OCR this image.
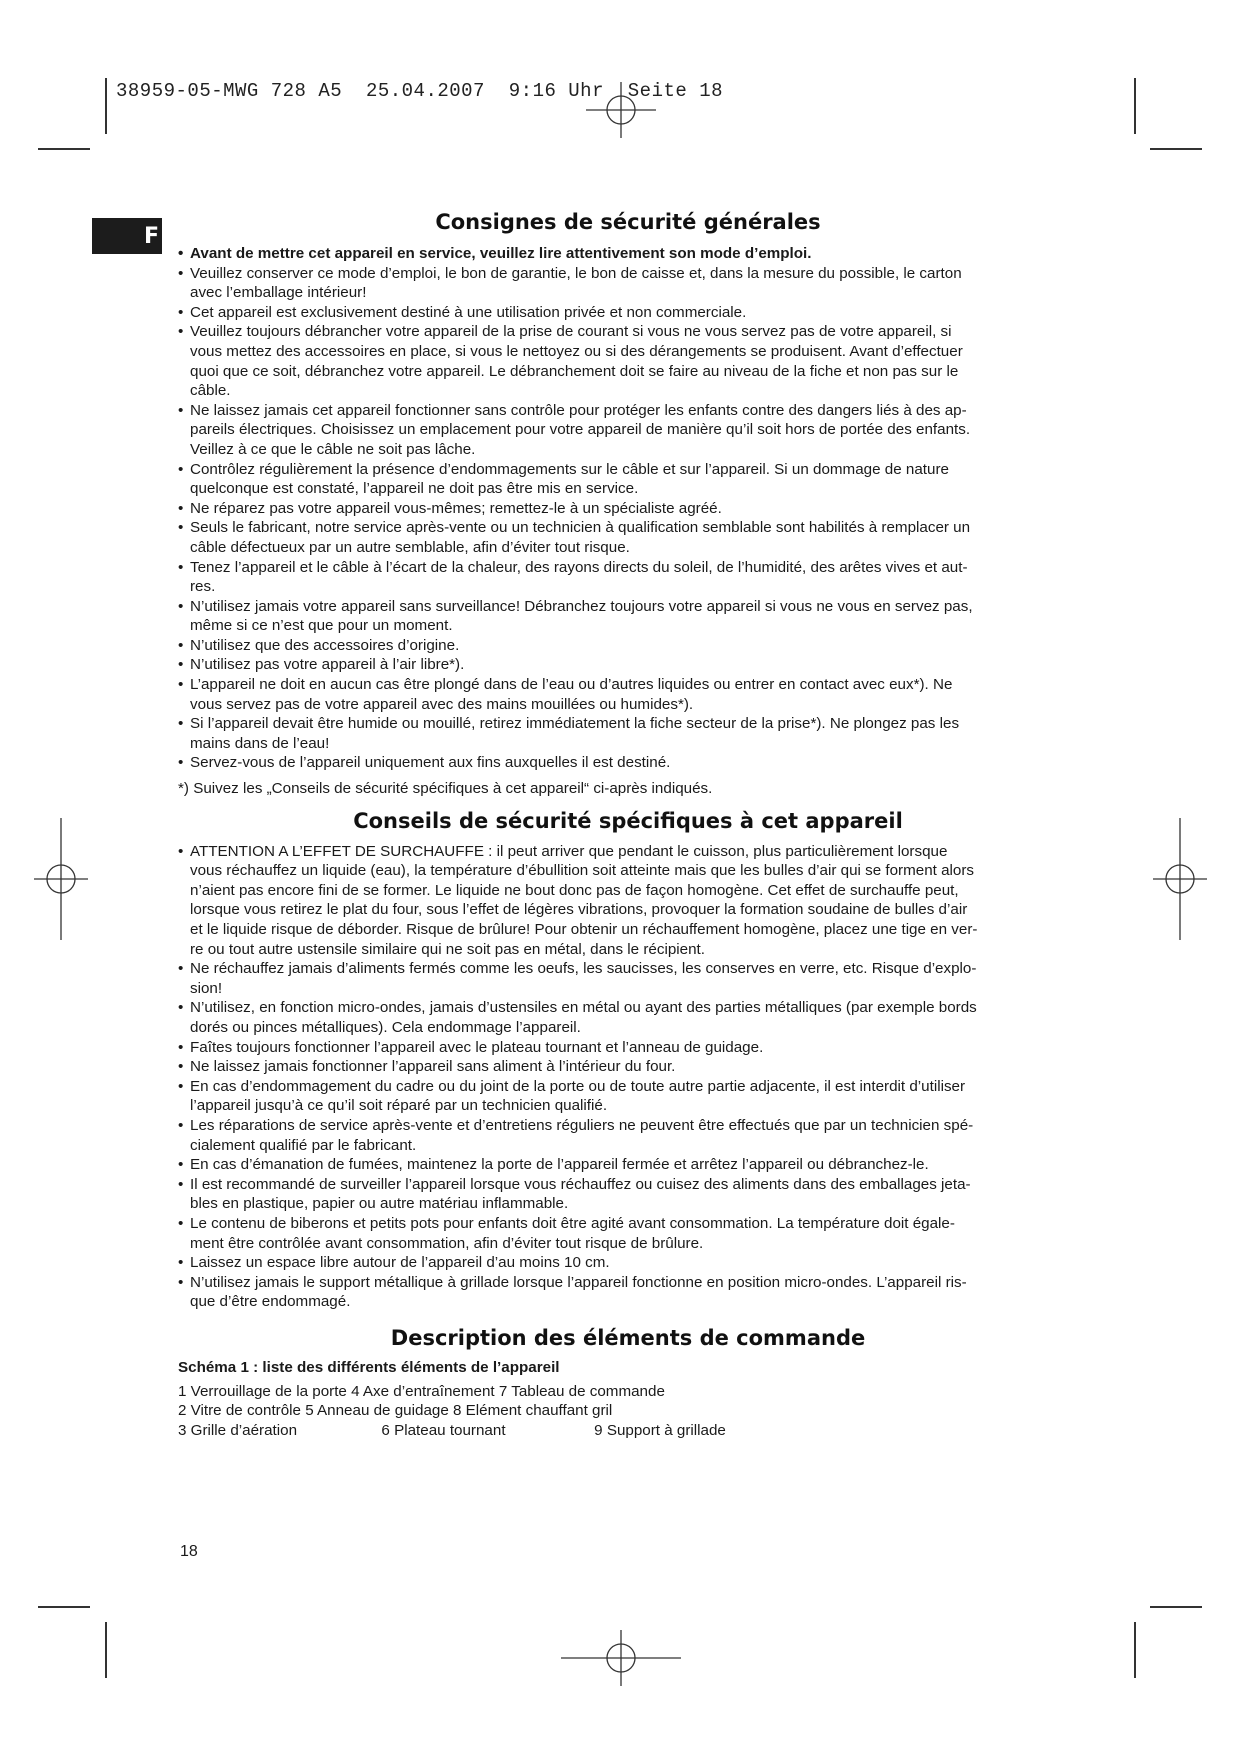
38959-05-MWG 728 A5  25.04.2007  9:16 Uhr  Seite 18
F
Consignes de sécurité générales
• Avant de mettre cet appareil en service, veuillez lire attentivement son mode d’emploi.
• Veuillez conserver ce mode d’emploi, le bon de garantie, le bon de caisse et, dans la mesure du possible, le carton
avec l’emballage intérieur!
• Cet appareil est exclusivement destiné à une utilisation privée et non commerciale.
• Veuillez toujours débrancher votre appareil de la prise de courant si vous ne vous servez pas de votre appareil, si
vous mettez des accessoires en place, si vous le nettoyez ou si des dérangements se produisent. Avant d’effectuer
quoi que ce soit, débranchez votre appareil. Le débranchement doit se faire au niveau de la fiche et non pas sur le
câble.
• Ne laissez jamais cet appareil fonctionner sans contrôle pour protéger les enfants contre des dangers liés à des ap-
pareils électriques. Choisissez un emplacement pour votre appareil de manière qu’il soit hors de portée des enfants.
Veillez à ce que le câble ne soit pas lâche.
• Contrôlez régulièrement la présence d’endommagements sur le câble et sur l’appareil. Si un dommage de nature
quelconque est constaté, l’appareil ne doit pas être mis en service.
• Ne réparez pas votre appareil vous-mêmes; remettez-le à un spécialiste agréé.
• Seuls le fabricant, notre service après-vente ou un technicien à qualification semblable sont habilités à remplacer un
câble défectueux par un autre semblable, afin d’éviter tout risque.
• Tenez l’appareil et le câble à l’écart de la chaleur, des rayons directs du soleil, de l’humidité, des arêtes vives et aut-
res.
• N’utilisez jamais votre appareil sans surveillance! Débranchez toujours votre appareil si vous ne vous en servez pas,
même si ce n’est que pour un moment.
• N’utilisez que des accessoires d’origine.
• N’utilisez pas votre appareil à l’air libre*).
• L’appareil ne doit en aucun cas être plongé dans de l’eau ou d’autres liquides ou entrer en contact avec eux*). Ne
vous servez pas de votre appareil avec des mains mouillées ou humides*).
• Si l’appareil devait être humide ou mouillé, retirez immédiatement la fiche secteur de la prise*). Ne plongez pas les
mains dans de l’eau!
• Servez-vous de l’appareil uniquement aux fins auxquelles il est destiné.
*) Suivez les „Conseils de sécurité spécifiques à cet appareil“ ci-après indiqués.
Conseils de sécurité spécifiques à cet appareil
• ATTENTION A L’EFFET DE SURCHAUFFE : il peut arriver que pendant le cuisson, plus particulièrement lorsque
vous réchauffez un liquide (eau), la température d’ébullition soit atteinte mais que les bulles d’air qui se forment alors
n’aient pas encore fini de se former. Le liquide ne bout donc pas de façon homogène. Cet effet de surchauffe peut,
lorsque vous retirez le plat du four, sous l’effet de légères vibrations, provoquer la formation soudaine de bulles d’air
et le liquide risque de déborder. Risque de brûlure! Pour obtenir un réchauffement homogène, placez une tige en ver-
re ou tout autre ustensile similaire qui ne soit pas en métal, dans le récipient.
• Ne réchauffez jamais d’aliments fermés comme les oeufs, les saucisses, les conserves en verre, etc. Risque d’explo-
sion!
• N’utilisez, en fonction micro-ondes, jamais d’ustensiles en métal ou ayant des parties métalliques (par exemple bords
dorés ou pinces métalliques). Cela endommage l’appareil.
• Faîtes toujours fonctionner l’appareil avec le plateau tournant et l’anneau de guidage.
• Ne laissez jamais fonctionner l’appareil sans aliment à l’intérieur du four.
• En cas d’endommagement du cadre ou du joint de la porte ou de toute autre partie adjacente, il est interdit d’utiliser
l’appareil jusqu’à ce qu’il soit réparé par un technicien qualifié.
• Les réparations de service après-vente et d’entretiens réguliers ne peuvent être effectués que par un technicien spé-
cialement qualifié par le fabricant.
• En cas d’émanation de fumées, maintenez la porte de l’appareil fermée et arrêtez l’appareil ou débranchez-le.
• Il est recommandé de surveiller l’appareil lorsque vous réchauffez ou cuisez des aliments dans des emballages jeta-
bles en plastique, papier ou autre matériau inflammable.
• Le contenu de biberons et petits pots pour enfants doit être agité avant consommation. La température doit égale-
ment être contrôlée avant consommation, afin d’éviter tout risque de brûlure.
• Laissez un espace libre autour de l’appareil d’au moins 10 cm.
• N’utilisez jamais le support métallique à grillade lorsque l’appareil fonctionne en position micro-ondes. L’appareil ris-
que d’être endommagé.
Description des éléments de commande
Schéma 1 : liste des différents éléments de l’appareil
1 Verrouillage de la porte 4 Axe d’entraînement 7 Tableau de commande
2 Vitre de contrôle 5 Anneau de guidage 8 Elément chauffant gril
3 Grille d’aération                    6 Plateau tournant                     9 Support à grillade
18
